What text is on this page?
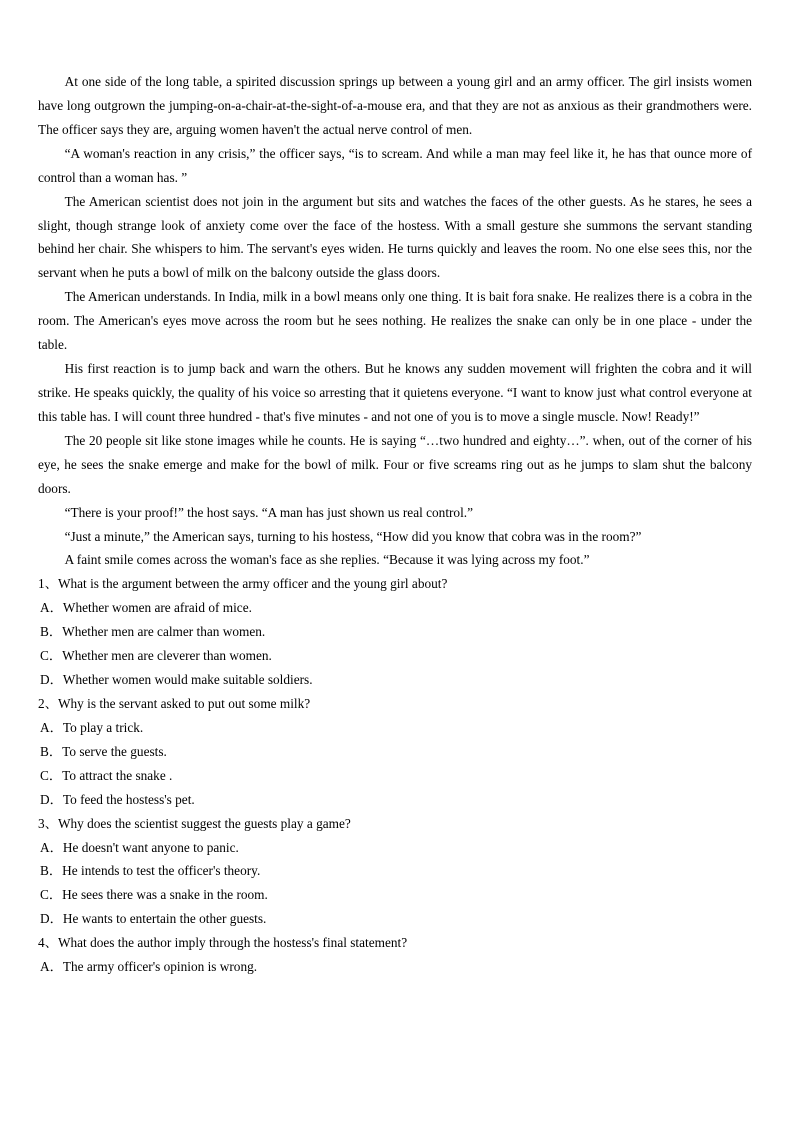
At one side of the long table, a spirited discussion springs up between a young girl and an army officer. The girl insists women have long outgrown the jumping-on-a-chair-at-the-sight-of-a-mouse era, and that they are not as anxious as their grandmothers were. The officer says they are, arguing women haven't the actual nerve control of men.

“A woman's reaction in any crisis,” the officer says, “is to scream. And while a man may feel like it, he has that ounce more of control than a woman has. ”

The American scientist does not join in the argument but sits and watches the faces of the other guests. As he stares, he sees a slight, though strange look of anxiety come over the face of the hostess. With a small gesture she summons the servant standing behind her chair. She whispers to him. The servant's eyes widen. He turns quickly and leaves the room. No one else sees this, nor the servant when he puts a bowl of milk on the balcony outside the glass doors.

The American understands. In India, milk in a bowl means only one thing. It is bait fora snake. He realizes there is a cobra in the room. The American's eyes move across the room but he sees nothing. He realizes the snake can only be in one place - under the table.

His first reaction is to jump back and warn the others. But he knows any sudden movement will frighten the cobra and it will strike. He speaks quickly, the quality of his voice so arresting that it quietens everyone. “I want to know just what control everyone at this table has. I will count three hundred - that's five minutes - and not one of you is to move a single muscle. Now! Ready!”

The 20 people sit like stone images while he counts. He is saying “…two hundred and eighty…”. when, out of the corner of his eye, he sees the snake emerge and make for the bowl of milk. Four or five screams ring out as he jumps to slam shut the balcony doors.

“There is your proof!” the host says. “A man has just shown us real control.”

“Just a minute,” the American says, turning to his hostess, “How did you know that cobra was in the room?”

A faint smile comes across the woman's face as she replies. “Because it was lying across my foot.”

1、What is the argument between the army officer and the young girl about?

A．Whether women are afraid of mice.

B．Whether men are calmer than women.

C．Whether men are cleverer than women.

D．Whether women would make suitable soldiers.

2、Why is the servant asked to put out some milk?

A．To play a trick.

B．To serve the guests.

C．To attract the snake .

D．To feed the hostess's pet.

3、Why does the scientist suggest the guests play a game?

A．He doesn't want anyone to panic.

B．He intends to test the officer's theory.

C．He sees there was a snake in the room.

D．He wants to entertain the other guests.

4、What does the author imply through the hostess's final statement?

A．The army officer's opinion is wrong.
